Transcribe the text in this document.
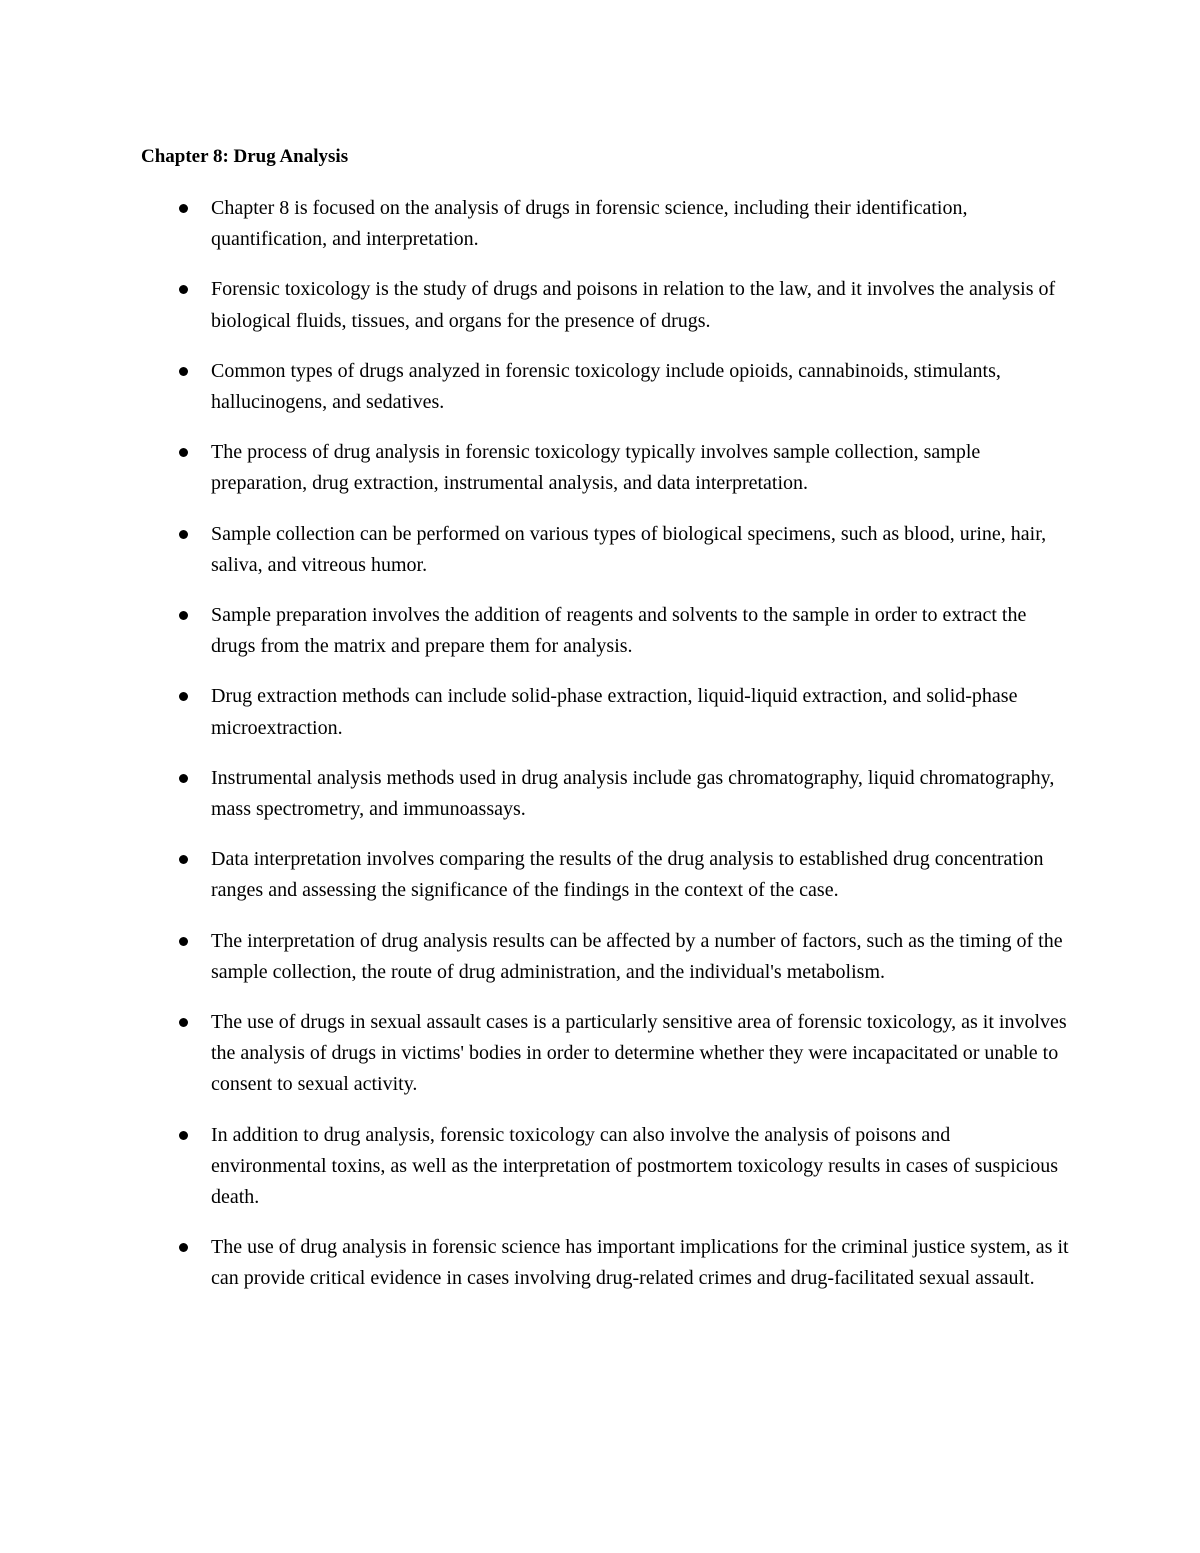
Chapter 8: Drug Analysis
Chapter 8 is focused on the analysis of drugs in forensic science, including their identification, quantification, and interpretation.
Forensic toxicology is the study of drugs and poisons in relation to the law, and it involves the analysis of biological fluids, tissues, and organs for the presence of drugs.
Common types of drugs analyzed in forensic toxicology include opioids, cannabinoids, stimulants, hallucinogens, and sedatives.
The process of drug analysis in forensic toxicology typically involves sample collection, sample preparation, drug extraction, instrumental analysis, and data interpretation.
Sample collection can be performed on various types of biological specimens, such as blood, urine, hair, saliva, and vitreous humor.
Sample preparation involves the addition of reagents and solvents to the sample in order to extract the drugs from the matrix and prepare them for analysis.
Drug extraction methods can include solid-phase extraction, liquid-liquid extraction, and solid-phase microextraction.
Instrumental analysis methods used in drug analysis include gas chromatography, liquid chromatography, mass spectrometry, and immunoassays.
Data interpretation involves comparing the results of the drug analysis to established drug concentration ranges and assessing the significance of the findings in the context of the case.
The interpretation of drug analysis results can be affected by a number of factors, such as the timing of the sample collection, the route of drug administration, and the individual's metabolism.
The use of drugs in sexual assault cases is a particularly sensitive area of forensic toxicology, as it involves the analysis of drugs in victims' bodies in order to determine whether they were incapacitated or unable to consent to sexual activity.
In addition to drug analysis, forensic toxicology can also involve the analysis of poisons and environmental toxins, as well as the interpretation of postmortem toxicology results in cases of suspicious death.
The use of drug analysis in forensic science has important implications for the criminal justice system, as it can provide critical evidence in cases involving drug-related crimes and drug-facilitated sexual assault.
